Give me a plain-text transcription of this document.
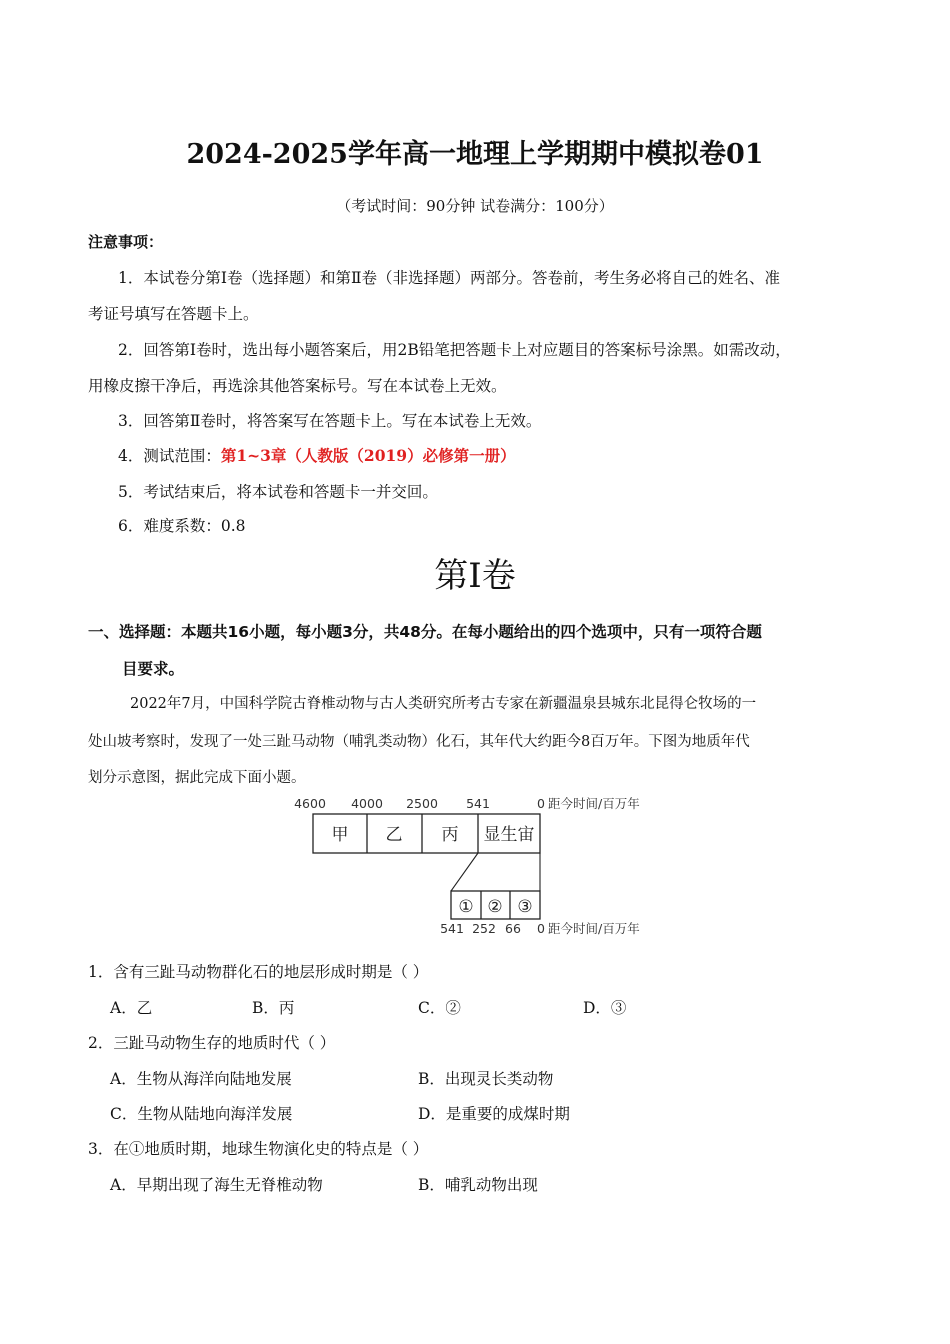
2024-2025学年高一地理上学期期中模拟卷01
（考试时间：90分钟 试卷满分：100分）
注意事项：
1．本试卷分第Ⅰ卷（选择题）和第Ⅱ卷（非选择题）两部分。答卷前，考生务必将自己的姓名、准
考证号填写在答题卡上。
2．回答第Ⅰ卷时，选出每小题答案后，用2B铅笔把答题卡上对应题目的答案标号涂黑。如需改动，
用橡皮擦干净后，再选涂其他答案标号。写在本试卷上无效。
3．回答第Ⅱ卷时，将答案写在答题卡上。写在本试卷上无效。
4．测试范围：第1~3章（人教版（2019）必修第一册）
5．考试结束后，将本试卷和答题卡一并交回。
6．难度系数：0.8
第Ⅰ卷
一、选择题：本题共16小题，每小题3分，共48分。在每小题给出的四个选项中，只有一项符合题
目要求。
2022年7月，中国科学院古脊椎动物与古人类研究所考古专家在新疆温泉县城东北昆得仑牧场的一
处山坡考察时，发现了一处三趾马动物（哺乳类动物）化石，其年代大约距今8百万年。下图为地质年代
划分示意图，据此完成下面小题。
4600 4000 2500 541	0 距今时间/百万年
甲 乙 丙 显生宙
① ② ③
541 252 66 0 距今时间/百万年
1．含有三趾马动物群化石的地层形成时期是（ ）
A．乙	B．丙	C．②	D．③
2．三趾马动物生存的地质时代（ ）
A．生物从海洋向陆地发展	B．出现灵长类动物
C．生物从陆地向海洋发展	D．是重要的成煤时期
3．在①地质时期，地球生物演化史的特点是（ ）
A．早期出现了海生无脊椎动物	B．哺乳动物出现
